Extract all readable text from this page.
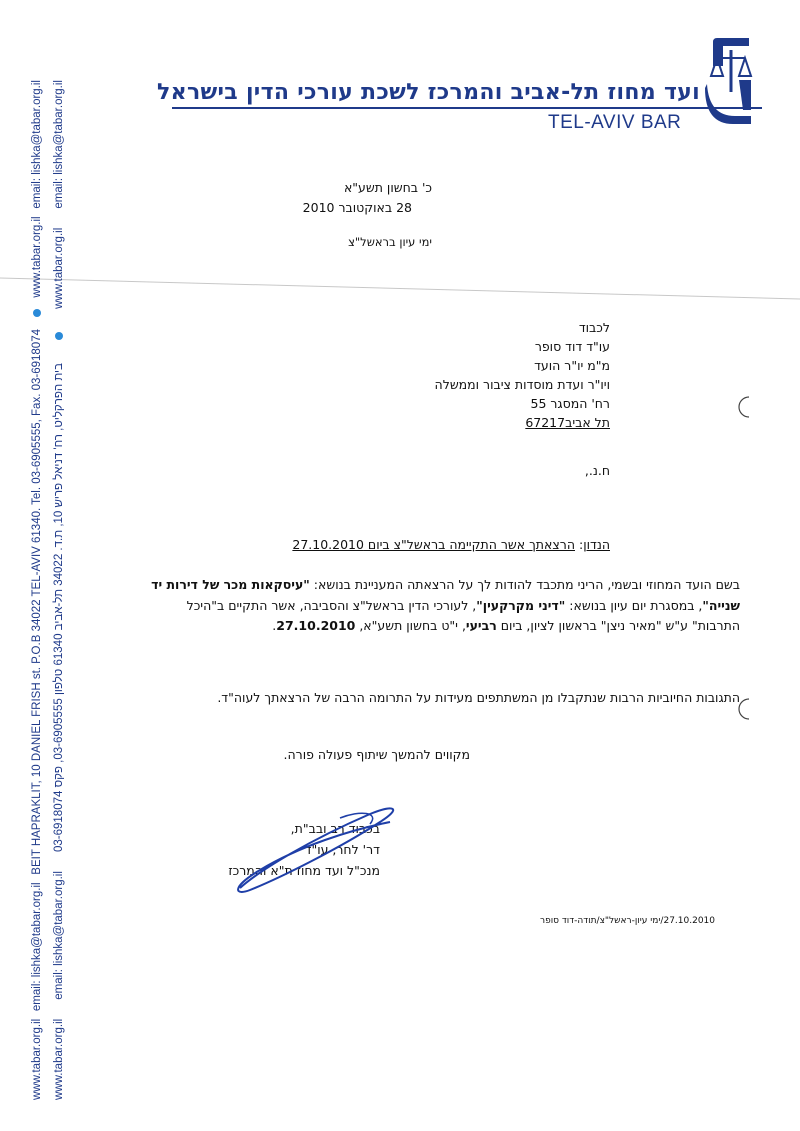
ועד מחוז תל-אביב והמרכז לשכת עורכי הדין בישראל
TEL-AVIV BAR
www.tabar.org.il
email: lishka@tabar.org.il
BEIT HAPRAKLIT, 10 DANIEL FRISH st. P.O.B 34022 TEL-AVIV 61340. Tel. 03-6905555, Fax. 03-6918074
www.tabar.org.il
email: lishka@tabar.org.il
www.tabar.org.il
email: lishka@tabar.org.il
בית הפרקליט, רח' דניאל פריש 10, ת.ד. 34022 תל-אביב 61340 טלפון 03-6905555, פקס 03-6918074
www.tabar.org.il
email: lishka@tabar.org.il	כ' בחשון תשע"א
28 באוקטובר 2010
ימי עיון בראשל"צ
לכבוד
עו"ד דוד סופר
מ"מ יו"ר הועד
ויו"ר ועדת מוסדות ציבור וממשלה
רח' המסגר 55
תל אביב67217
ח.נ.,
הנדון: הרצאתך אשר התקיימה בראשל"צ ביום 27.10.2010
בשם הועד המחוזי ובשמי, הריני מתכבד להודות לך על הרצאתה המעניינת בנושא: "עיסקאות מכר של דירות יד שנייה", במסגרת יום עיון בנושא: "דיני מקרקעין", לעורכי הדין בראשל"צ והסביבה, אשר התקיים ב"היכל התרבות" ע"ש "מאיר ניצן" בראשון לציון, ביום רביעי, י"ט בחשון תשע"א, 27.10.2010.
התגובות החיוביות הרבות שנתקבלו מן המשתתפים מעידות על התרומה הרבה של הרצאתך לעוה"ד.
מקווים להמשך שיתוף פעולה פורה.
בכבוד רב ובב"ת,
דר' לחר, עו"ד
מנכ"ל ועד מחוז ת"א והמרכז
27.10.2010/ימי עיון-ראשל"צ/תודה-דוד סופר
